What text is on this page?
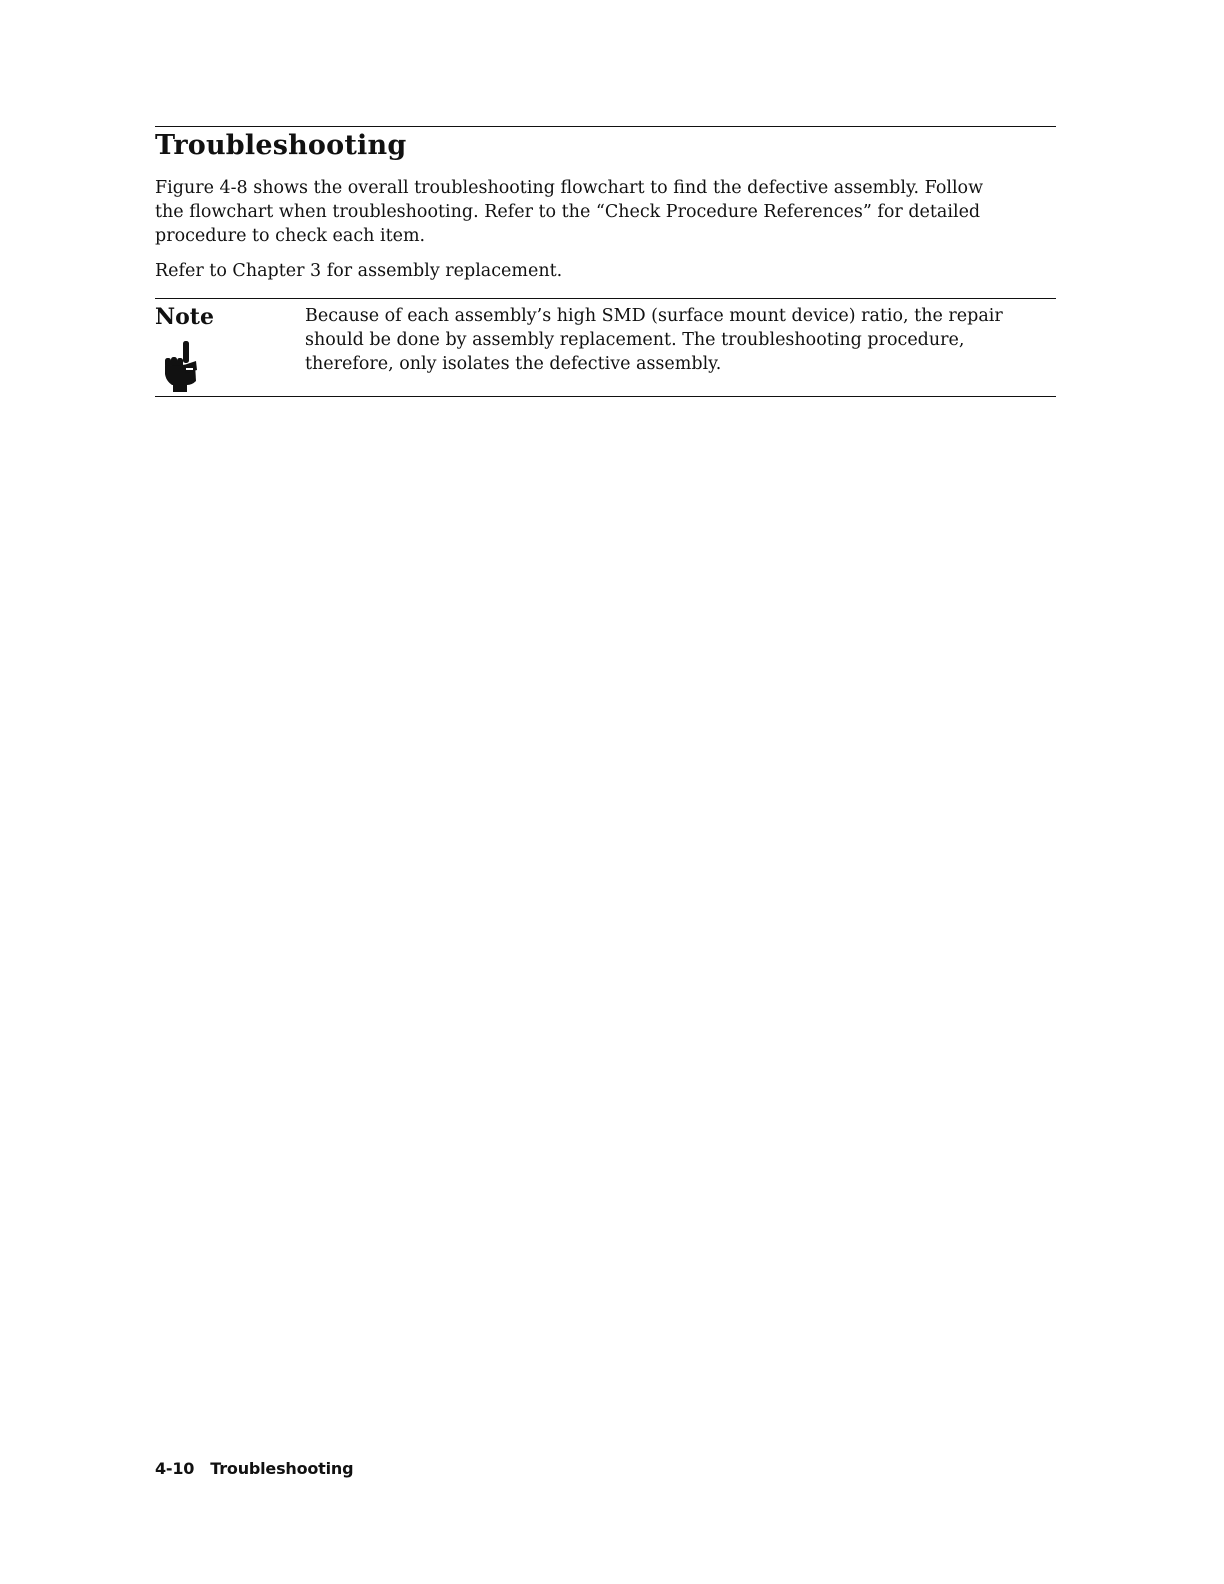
Troubleshooting

Figure 4-8 shows the overall troubleshooting flowchart to find the defective assembly. Follow
the flowchart when troubleshooting. Refer to the “Check Procedure References” for detailed
procedure to check each item.

Refer to Chapter 3 for assembly replacement.

Note	Because of each assembly’s high SMD (surface mount device) ratio, the repair
should be done by assembly replacement. The troubleshooting procedure,
therefore, only isolates the defective assembly.

4-10 Troubleshooting
